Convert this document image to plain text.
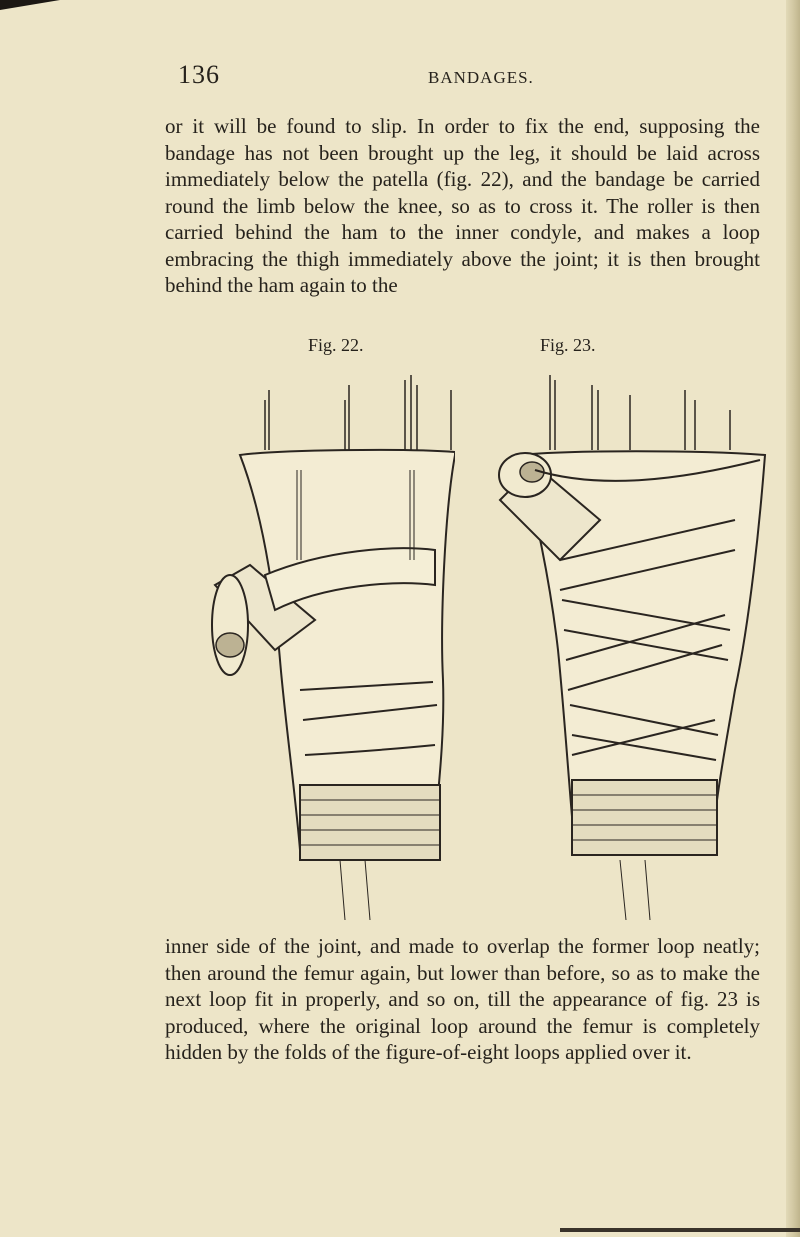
136	BANDAGES.

or it will be found to slip. In order to fix the end, supposing the bandage has not been brought up the leg, it should be laid across immediately below the patella (fig. 22), and the bandage be carried round the limb below the knee, so as to cross it. The roller is then carried behind the ham to the inner condyle, and makes a loop embracing the thigh immediately above the joint; it is then brought behind the ham again to the

Fig. 22.	Fig. 23.

inner side of the joint, and made to overlap the former loop neatly; then around the femur again, but lower than before, so as to make the next loop fit in properly, and so on, till the appearance of fig. 23 is produced, where the original loop around the femur is completely hidden by the folds of the figure-of-eight loops applied over it.
